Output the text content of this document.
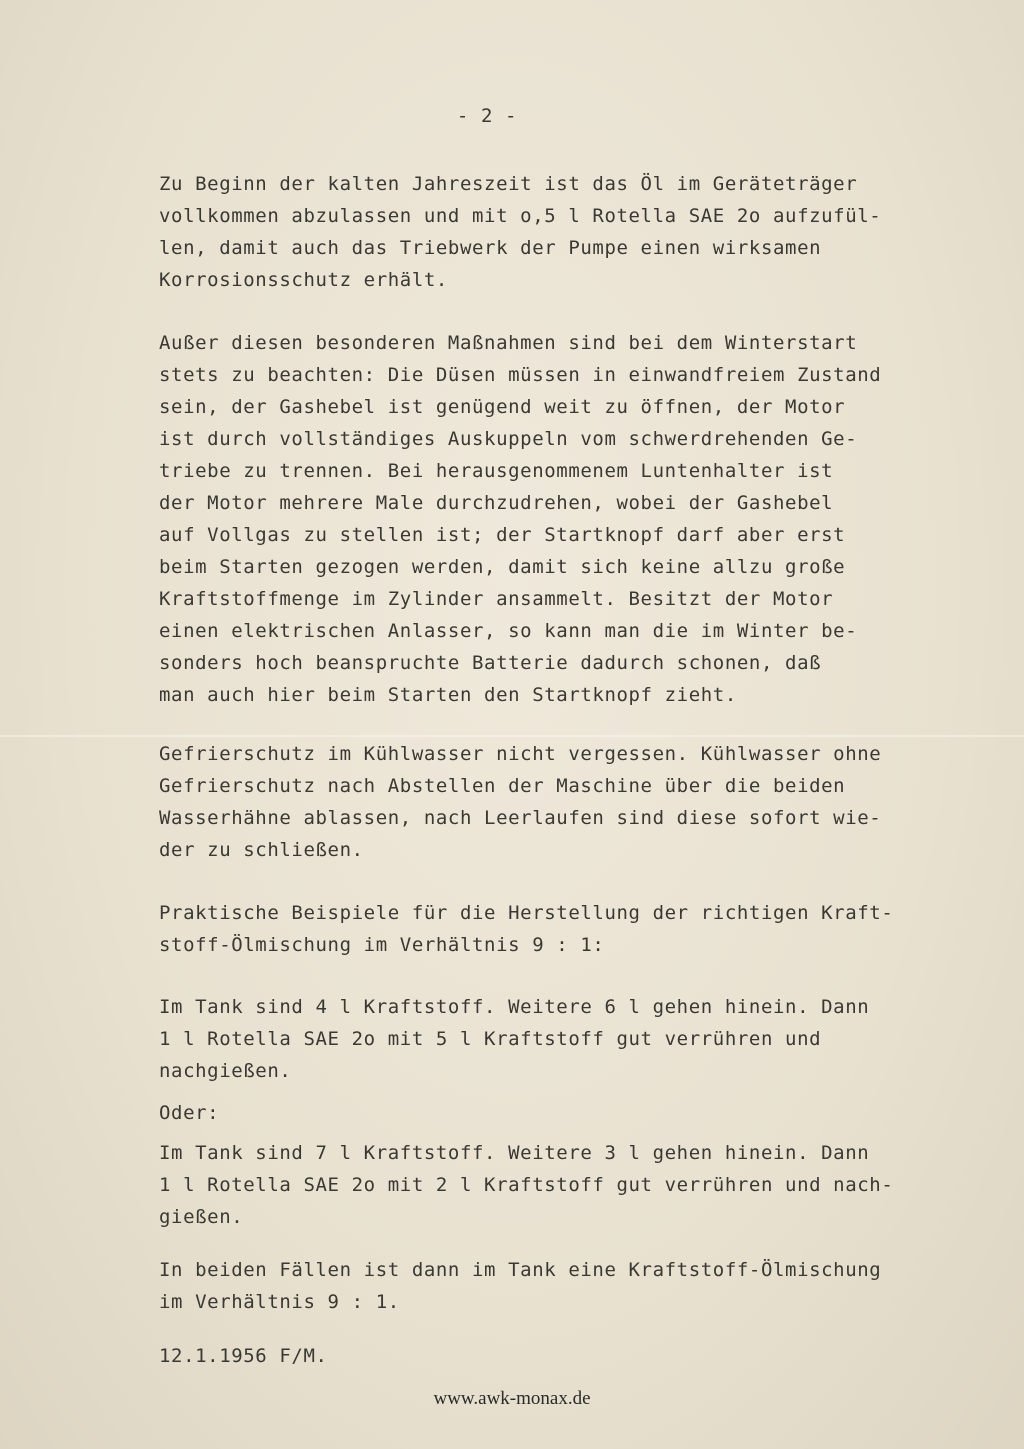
- 2 -

Zu Beginn der kalten Jahreszeit ist das Öl im Geräteträger
vollkommen abzulassen und mit o,5 l Rotella SAE 2o aufzufül-
len, damit auch das Triebwerk der Pumpe einen wirksamen
Korrosionsschutz erhält.

Außer diesen besonderen Maßnahmen sind bei dem Winterstart
stets zu beachten: Die Düsen müssen in einwandfreiem Zustand
sein, der Gashebel ist genügend weit zu öffnen, der Motor
ist durch vollständiges Auskuppeln vom schwerdrehenden Ge-
triebe zu trennen. Bei herausgenommenem Luntenhalter ist
der Motor mehrere Male durchzudrehen, wobei der Gashebel
auf Vollgas zu stellen ist; der Startknopf darf aber erst
beim Starten gezogen werden, damit sich keine allzu große
Kraftstoffmenge im Zylinder ansammelt. Besitzt der Motor
einen elektrischen Anlasser, so kann man die im Winter be-
sonders hoch beanspruchte Batterie dadurch schonen, daß
man auch hier beim Starten den Startknopf zieht.

Gefrierschutz im Kühlwasser nicht vergessen. Kühlwasser ohne
Gefrierschutz nach Abstellen der Maschine über die beiden
Wasserhähne ablassen, nach Leerlaufen sind diese sofort wie-
der zu schließen.

Praktische Beispiele für die Herstellung der richtigen Kraft-
stoff-Ölmischung im Verhältnis 9 : 1:

Im Tank sind 4 l Kraftstoff. Weitere 6 l gehen hinein. Dann
1 l Rotella SAE 2o mit 5 l Kraftstoff gut verrühren und
nachgießen.

Oder:

Im Tank sind 7 l Kraftstoff. Weitere 3 l gehen hinein. Dann
1 l Rotella SAE 2o mit 2 l Kraftstoff gut verrühren und nach-
gießen.

In beiden Fällen ist dann im Tank eine Kraftstoff-Ölmischung
im Verhältnis 9 : 1.

12.1.1956 F/M.

www.awk-monax.de
